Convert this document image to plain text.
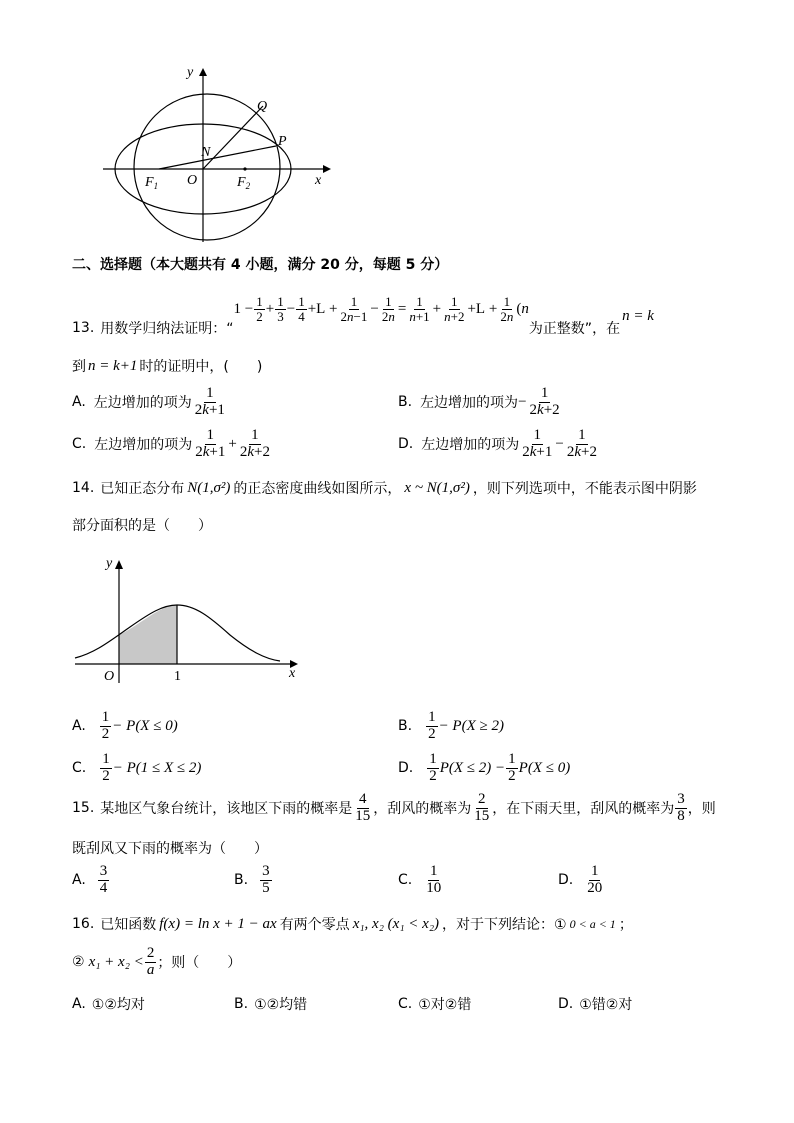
y
x
Q
P
N
O
$F_1$	$F_2$
二、选择题（本大题共有 4 小题，满分 20 分，每题 5 分）
13. 用数学归纳法证明：“
$1 - \frac{1}{2} + \frac{1}{3} - \frac{1}{4} +L + \frac{1}{2n-1} - \frac{1}{2n} = \frac{1}{n+1} + \frac{1}{n+2} +L + \frac{1}{2n}$ ( n
为正整数”，在
n = k
到 n = k+1 时的证明中，(　　)
A. 左边增加的项为 $\frac{1}{2k+1}$	B. 左边增加的项为 − $\frac{1}{2k+2}$
C. 左边增加的项为 $\frac{1}{2k+1} + \frac{1}{2k+2}$	D. 左边增加的项为 $\frac{1}{2k+1} - \frac{1}{2k+2}$
14. 已知正态分布 N(1,σ²) 的正态密度曲线如图所示， x ~ N(1,σ²) ，则下列选项中，不能表示图中阴影
部分面积的是（　　）
y
x
O	1
A. $\frac{1}{2} - P(X \le 0)$	B. $\frac{1}{2} - P(X \ge 2)$
C. $\frac{1}{2} - P(1 \le X \le 2)$	D. $\frac{1}{2} P(X \le 2) - \frac{1}{2} P(X \le 0)$
15. 某地区气象台统计，该地区下雨的概率是 $\frac{4}{15}$ ，刮风的概率为 $\frac{2}{15}$ ，在下雨天里，刮风的概率为 $\frac{3}{8}$ ，则
既刮风又下雨的概率为（　　）
A. $\frac{3}{4}$	B. $\frac{3}{5}$	C. $\frac{1}{10}$	D. $\frac{1}{20}$
16. 已知函数 f(x) = ln x + 1 − ax 有两个零点 x₁, x₂ (x₁ < x₂) ，对于下列结论：① 0 < a < 1 ；
② $x_1 + x_2 < \frac{2}{a}$ ；则（　　）
A. ①②均对	B. ①②均错	C. ①对②错	D. ①错②对
